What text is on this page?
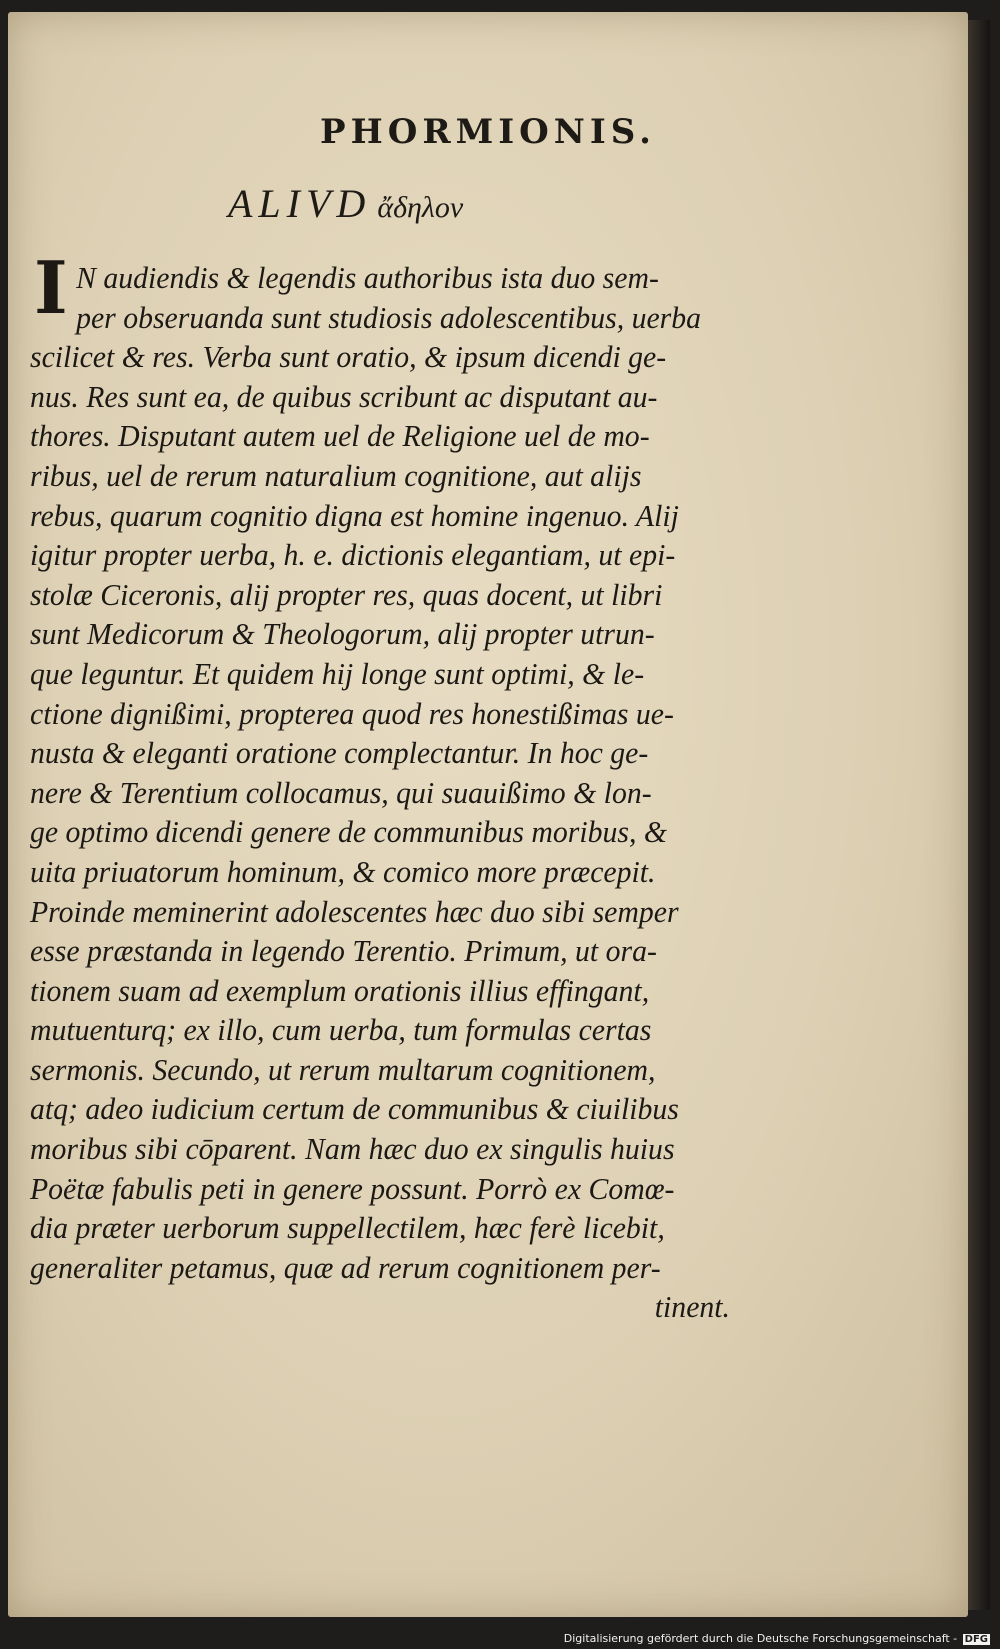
PHORMIONIS.
ALIVD ἄδηλον
I N audiendis & legendis authoribus ista duo sem-
per obseruanda sunt studiosis adolescentibus, uerba
scilicet & res. Verba sunt oratio, & ipsum dicendi ge-
nus. Res sunt ea, de quibus scribunt ac disputant au-
thores. Disputant autem uel de Religione uel de mo-
ribus, uel de rerum naturalium cognitione, aut alijs
rebus, quarum cognitio digna est homine ingenuo. Alij
igitur propter uerba, h. e. dictionis elegantiam, ut epi-
stolæ Ciceronis, alij propter res, quas docent, ut libri
sunt Medicorum & Theologorum, alij propter utrun-
que leguntur. Et quidem hij longe sunt optimi, & le-
ctione dignißimi, propterea quod res honestißimas ue-
nusta & eleganti oratione complectantur. In hoc ge-
nere & Terentium collocamus, qui suauißimo & lon-
ge optimo dicendi genere de communibus moribus, &
uita priuatorum hominum, & comico more præcepit.
Proinde meminerint adolescentes hæc duo sibi semper
esse præstanda in legendo Terentio. Primum, ut ora-
tionem suam ad exemplum orationis illius effingant,
mutuenturq; ex illo, cum uerba, tum formulas certas
sermonis. Secundo, ut rerum multarum cognitionem,
atq; adeo iudicium certum de communibus & ciuilibus
moribus sibi cōparent. Nam hæc duo ex singulis huius
Poëtæ fabulis peti in genere possunt. Porrò ex Comœ-
dia præter uerborum suppellectilem, hæc ferè licebit,
generaliter petamus, quæ ad rerum cognitionem per-
tinent.
Digitalisierung gefördert durch die Deutsche Forschungsgemeinschaft - DFG
